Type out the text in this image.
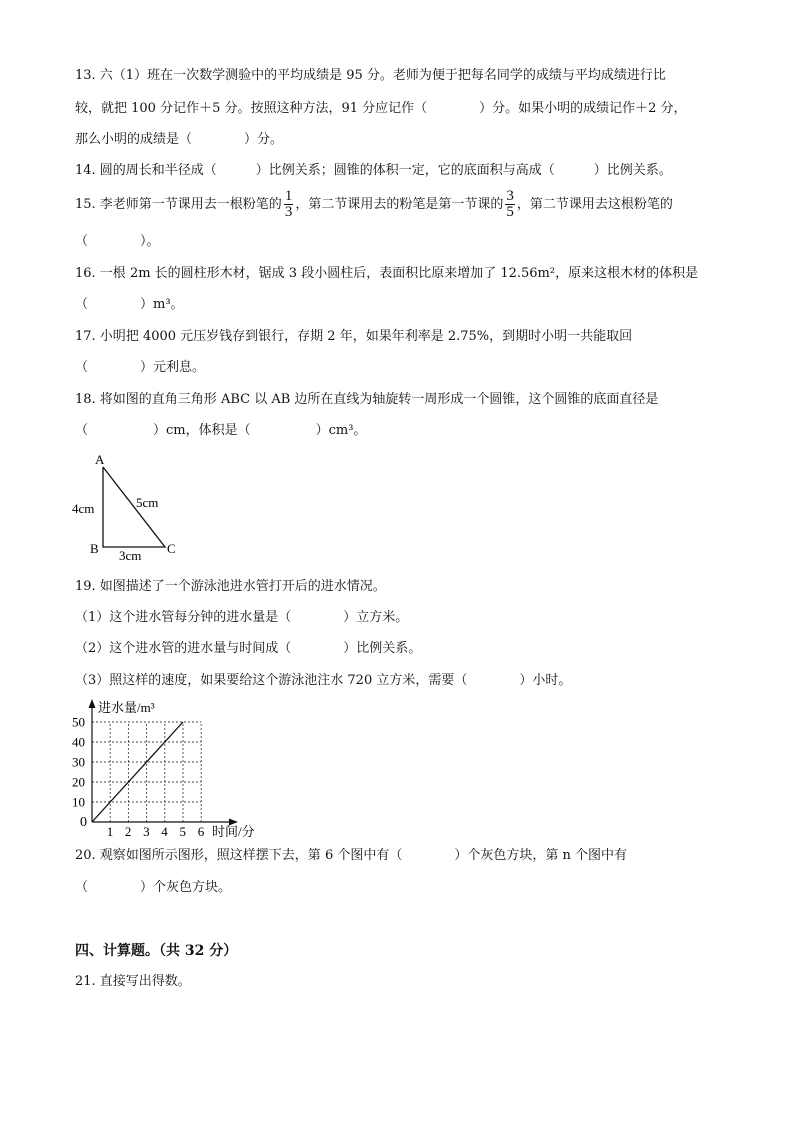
13. 六（1）班在一次数学测验中的平均成绩是 95 分。老师为便于把每名同学的成绩与平均成绩进行比
较，就把 100 分记作＋5 分。按照这种方法，91 分应记作（　　　　）分。如果小明的成绩记作＋2 分，
那么小明的成绩是（　　　　）分。
14. 圆的周长和半径成（　　　）比例关系；圆锥的体积一定，它的底面积与高成（　　　）比例关系。
15. 李老师第一节课用去一根粉笔的 $\frac{1}{3}$ ，第二节课用去的粉笔是第一节课的 $\frac{3}{5}$ ，第二节课用去这根粉笔的
（　　　　）。
16. 一根 2m 长的圆柱形木材，锯成 3 段小圆柱后，表面积比原来增加了 12.56m²，原来这根木材的体积是
（　　　　）m³。
17. 小明把 4000 元压岁钱存到银行，存期 2 年，如果年利率是 2.75%，到期时小明一共能取回
（　　　　）元利息。
18. 将如图的直角三角形 ABC 以 AB 边所在直线为轴旋转一周形成一个圆锥，这个圆锥的底面直径是
（　　　　　）cm，体积是（　　　　　）cm³。
A
B	C
4cm	5cm
3cm
19. 如图描述了一个游泳池进水管打开后的进水情况。
（1）这个进水管每分钟的进水量是（　　　　）立方米。
（2）这个进水管的进水量与时间成（　　　　）比例关系。
（3）照这样的速度，如果要给这个游泳池注水 720 立方米，需要（　　　　）小时。
1 2 3 4 5 6
10
20
30
40
50
进水量/m³
时间/分
0
20. 观察如图所示图形，照这样摆下去，第 6 个图中有（　　　　）个灰色方块，第 n 个图中有
（　　　　）个灰色方块。
四、计算题。（共 32 分）
21. 直接写出得数。
